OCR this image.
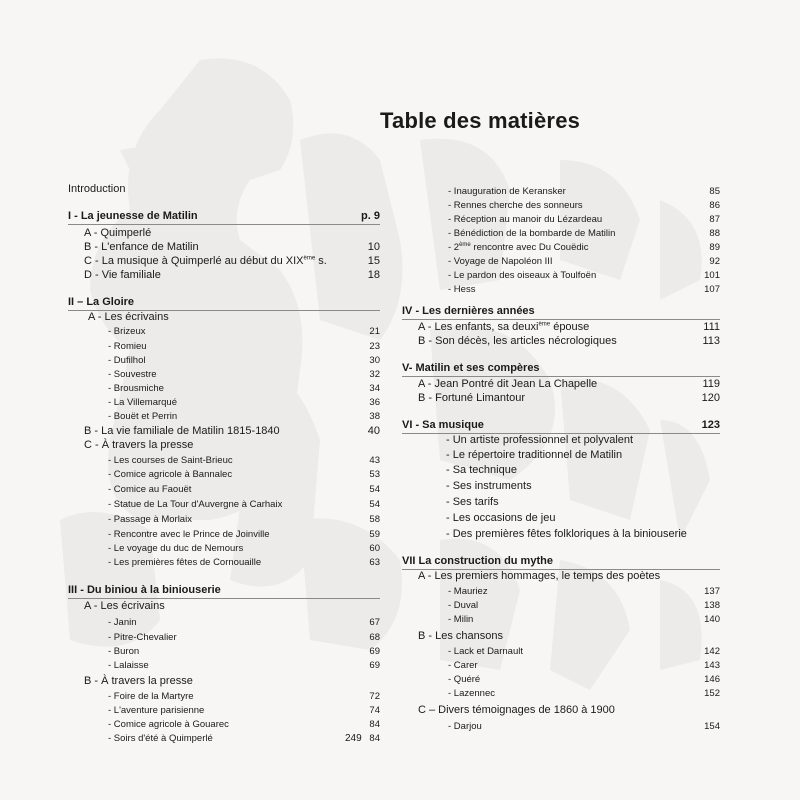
Table des matières
Introduction
I - La jeunesse de Matilin	p. 9
A - Quimperlé
B - L'enfance de Matilin	10
C - La musique à Quimperlé au début du XIXème s.	15
D - Vie familiale	18
II – La Gloire
A - Les écrivains
- Brizeux	21
- Romieu	23
- Dufilhol	30
- Souvestre	32
- Brousmiche	34
- La Villemarqué	36
- Bouët et Perrin	38
B - La vie familiale de Matilin 1815-1840	40
C - À travers la presse
- Les courses de Saint-Brieuc	43
- Comice agricole à Bannalec	53
- Comice au Faouët	54
- Statue de La Tour d'Auvergne à Carhaix	54
- Passage à Morlaix	58
- Rencontre avec le Prince de Joinville	59
- Le voyage du duc de Nemours	60
- Les premières fêtes de Cornouaille	63
III - Du biniou à la binious‌erie
A - Les écrivains
- Janin	67
- Pitre-Chevalier	68
- Buron	69
- Lalaisse	69
B - À travers la presse
- Foire de la Martyre	72
- L'aventure parisienne	74
- Comice agricole à Gouarec	84
- Soirs d'été à Quimperlé	84
- Inauguration de Keransker	85
- Rennes cherche des sonneurs	86
- Réception au manoir du Lézardeau	87
- Bénédiction de la bombarde de Matilin	88
- 2ème rencontre avec Du Couëdic	89
- Voyage de Napoléon III	92
- Le pardon des oiseaux à Toulfoën	101
- Hess	107
IV - Les dernières années
A - Les enfants, sa deuxi$^{ème}$ épouse	111
B - Son décès, les articles nécrologiques	113
V- Matilin et ses compères
A - Jean Pontré dit Jean La Chapelle	119
B - Fortuné Limantour	120
VI - Sa musique	123
- Un artiste professionnel et polyvalent
- Le répertoire traditionnel de Matilin
- Sa technique
- Ses instruments
- Ses tarifs
- Les occasions de jeu
- Des premières fêtes folkloriques à la biniouserie
VII La construction du mythe
A - Les premiers hommages, le temps des poètes
- Mauriez	137
- Duval	138
- Milin	140
B - Les chansons
- Lack et Darnault	142
- Carer	143
- Quéré	146
- Lazennec	152
C – Divers témoignages de 1860 à 1900
- Darjou	154
249
